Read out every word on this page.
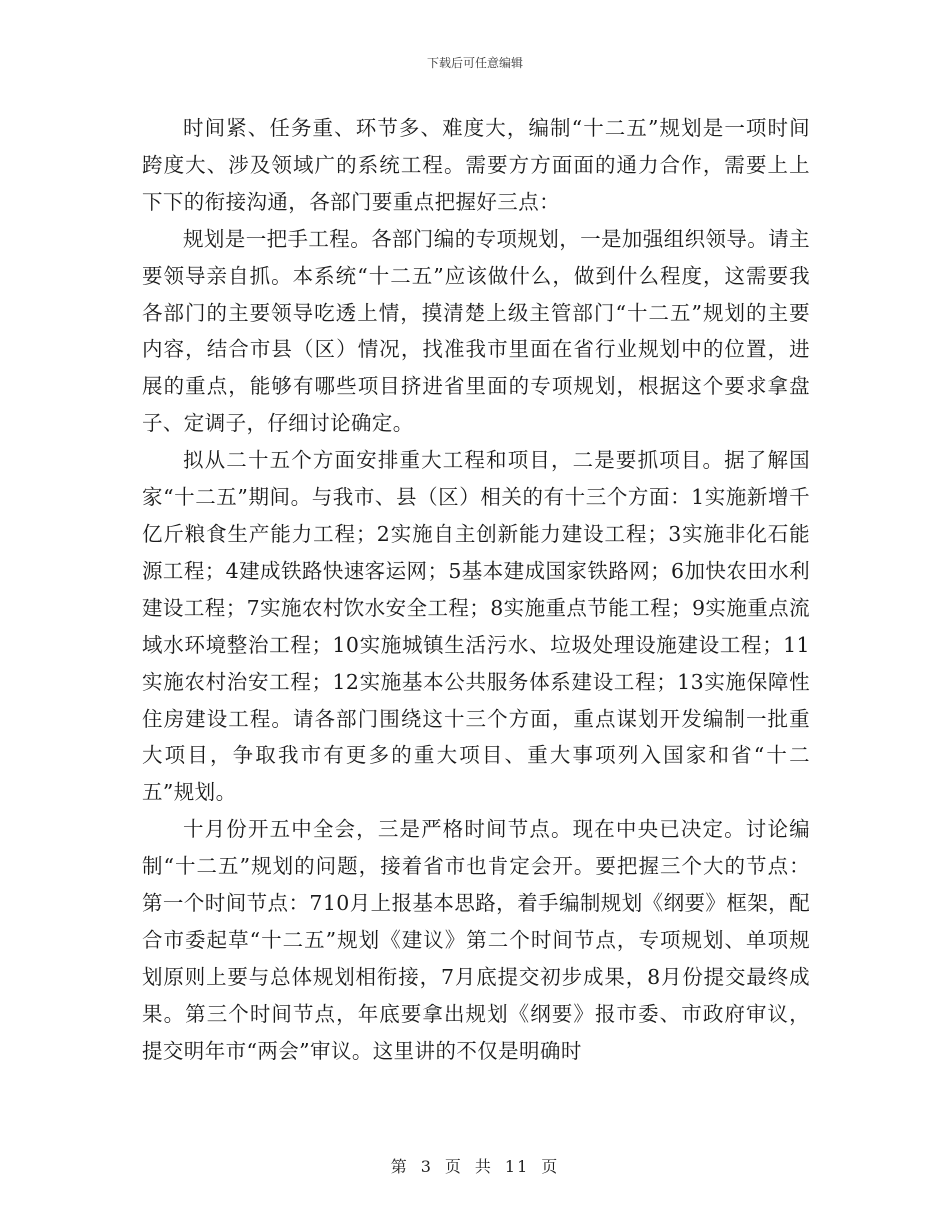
下载后可任意编辑

时间紧、任务重、环节多、难度大，编制“十二五”规划是一项时间跨度大、涉及领域广的系统工程。需要方方面面的通力合作，需要上上下下的衔接沟通，各部门要重点把握好三点：

规划是一把手工程。各部门编的专项规划，一是加强组织领导。请主要领导亲自抓。本系统“十二五”应该做什么，做到什么程度，这需要我各部门的主要领导吃透上情，摸清楚上级主管部门“十二五”规划的主要内容，结合市县（区）情况，找准我市里面在省行业规划中的位置，进展的重点，能够有哪些项目挤进省里面的专项规划，根据这个要求拿盘子、定调子，仔细讨论确定。

拟从二十五个方面安排重大工程和项目，二是要抓项目。据了解国家“十二五”期间。与我市、县（区）相关的有十三个方面：1实施新增千亿斤粮食生产能力工程；2实施自主创新能力建设工程；3实施非化石能源工程；4建成铁路快速客运网；5基本建成国家铁路网；6加快农田水利建设工程；7实施农村饮水安全工程；8实施重点节能工程；9实施重点流域水环境整治工程；10实施城镇生活污水、垃圾处理设施建设工程；11实施农村治安工程；12实施基本公共服务体系建设工程；13实施保障性住房建设工程。请各部门围绕这十三个方面，重点谋划开发编制一批重大项目，争取我市有更多的重大项目、重大事项列入国家和省“十二五”规划。

十月份开五中全会，三是严格时间节点。现在中央已决定。讨论编制“十二五”规划的问题，接着省市也肯定会开。要把握三个大的节点：第一个时间节点：710月上报基本思路，着手编制规划《纲要》框架，配合市委起草“十二五”规划《建议》第二个时间节点，专项规划、单项规划原则上要与总体规划相衔接，7月底提交初步成果，8月份提交最终成果。第三个时间节点，年底要拿出规划《纲要》报市委、市政府审议，提交明年市“两会”审议。这里讲的不仅是明确时

第 3 页 共 11 页
